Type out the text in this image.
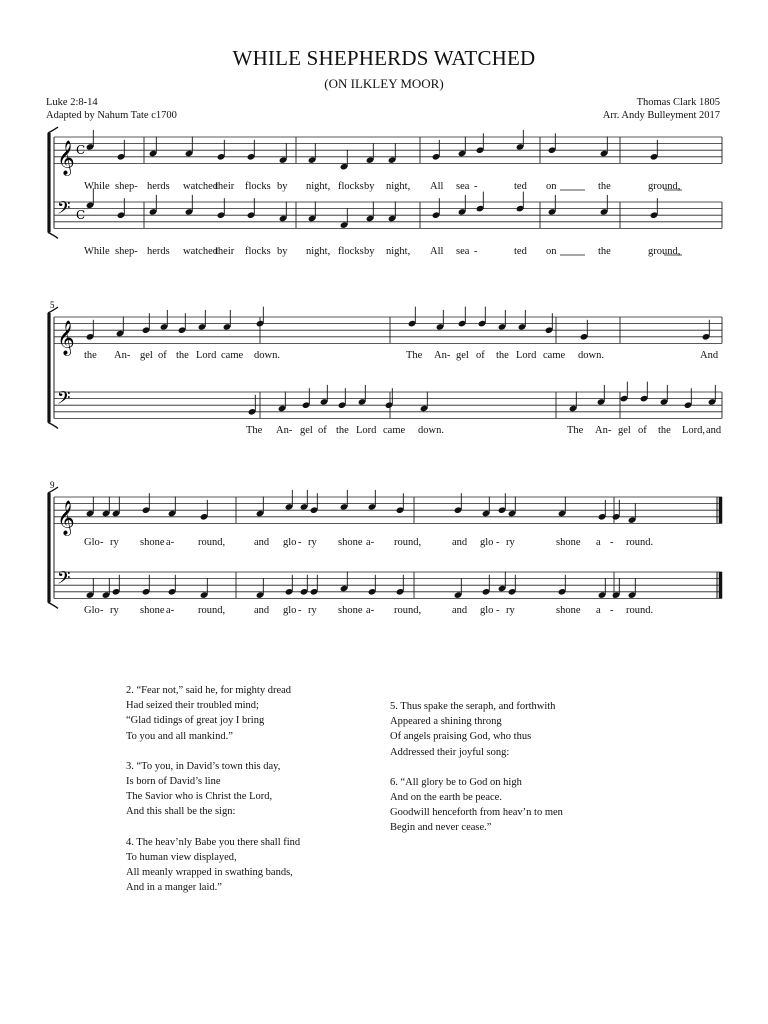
WHILE SHEPHERDS WATCHED
(ON ILKLEY MOOR)
Luke 2:8-14
Adapted by Nahum Tate c1700
Thomas Clark 1805
Arr. Andy Bulleyment 2017
𝄞
𝄢
C
C
𝄞
𝄢
5
𝄞
𝄢
9
While shep- herds watched
their flocks by night, flocks by night, All sea -	ted on	the	ground,
While shep- herds watched
their flocks by night, flocks by night, All sea -	ted on	the	ground,
the An- gel of the Lord came down.	The An- gel of the Lord came down.	And
The An- gel of the Lord came down.	The An- gel of the Lord, and
Glo - ry shone a- round,	and glo - ry shone a- round,	and glo - ry	shone a - round.
Glo - ry shone a- round,	and glo - ry shone a- round,	and glo - ry	shone a - round.
2. “Fear not,” said he, for mighty dread
Had seized their troubled mind;
“Glad tidings of great joy I bring
To you and all mankind.”
3. “To you, in David’s town this day,
Is born of David’s line
The Savior who is Christ the Lord,
And this shall be the sign:
4. The heav’nly Babe you there shall find
To human view displayed,
All meanly wrapped in swathing bands,
And in a manger laid.”
5. Thus spake the seraph, and forthwith
Appeared a shining throng
Of angels praising God, who thus
Addressed their joyful song:
6. “All glory be to God on high
And on the earth be peace.
Goodwill henceforth from heav’n to men
Begin and never cease.”
